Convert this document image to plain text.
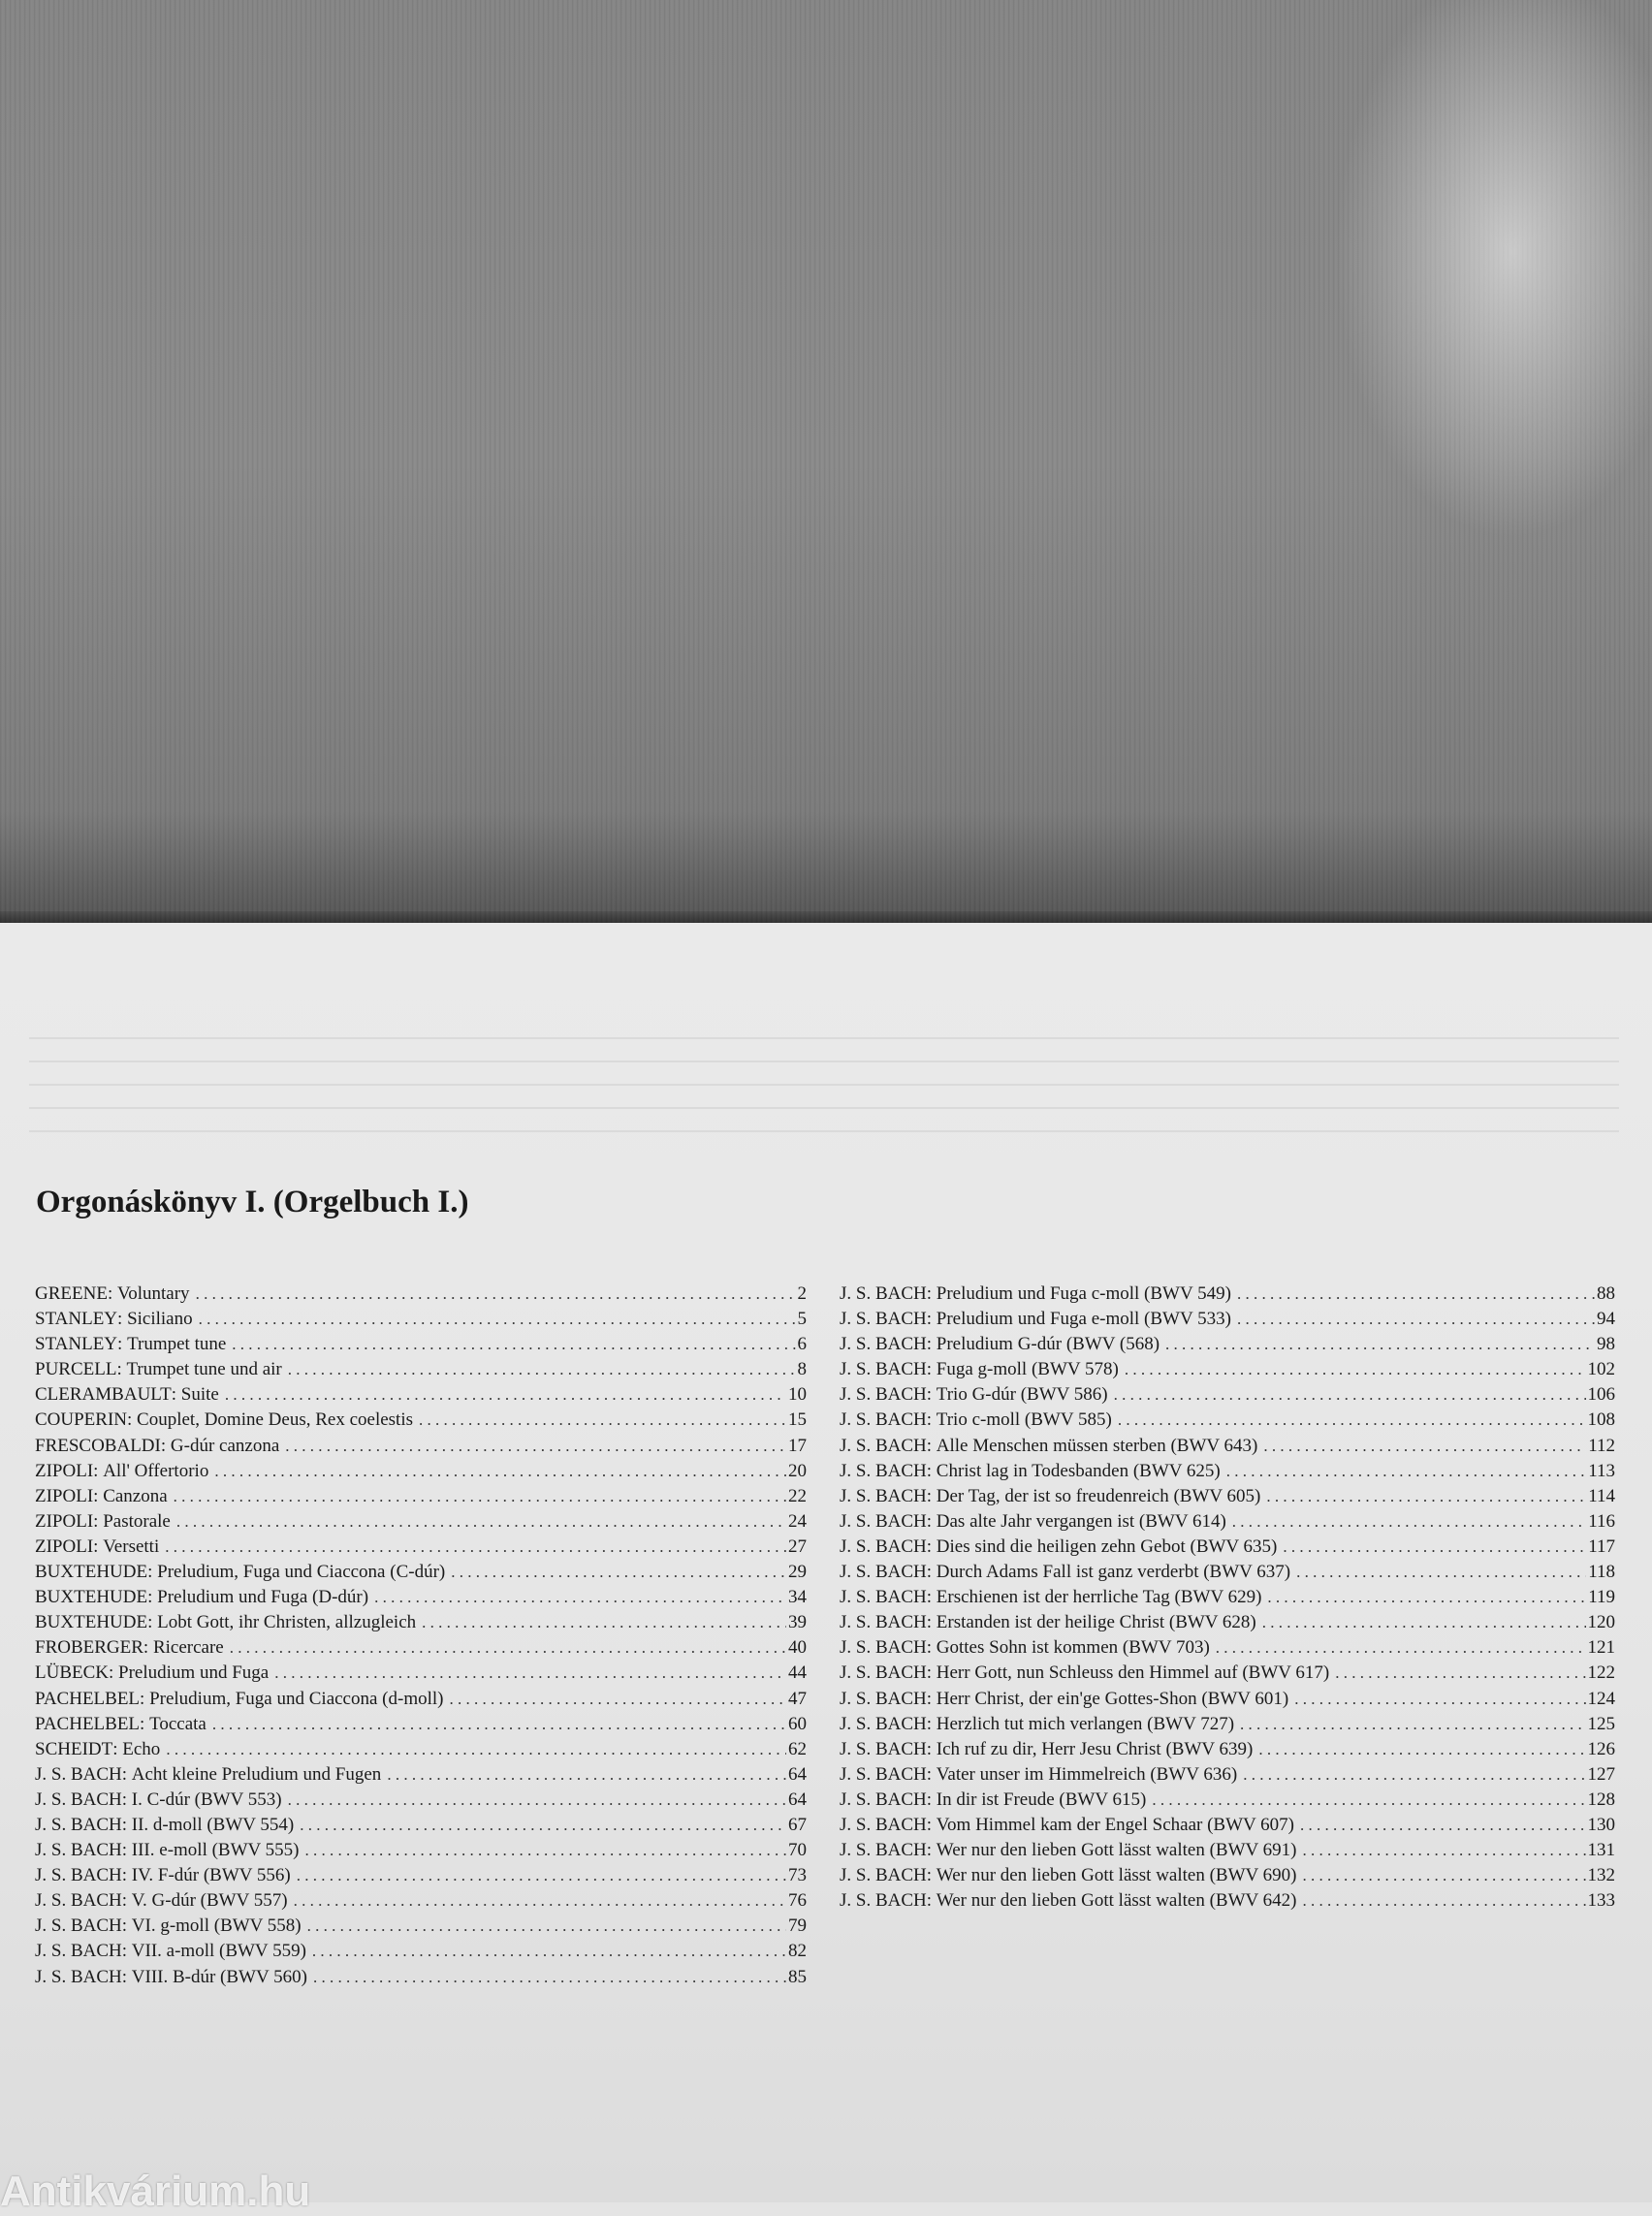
Orgonáskönyv I. (Orgelbuch I.)
GREENE : Voluntary . . .	2
STANLEY : Siciliano . . .	5
STANLEY : Trumpet tune . . .	6
PURCELL : Trumpet tune und air . . .	8
CLERAMBAULT : Suite . . .	10
COUPERIN : Couplet, Domine Deus, Rex coelestis . . .	15
FRESCOBALDI : G-dúr canzona . . .	17
ZIPOLI : All' Offertorio . . .	20
ZIPOLI : Canzona . . .	22
ZIPOLI : Pastorale . . .	24
ZIPOLI : Versetti . . .	27
BUXTEHUDE : Preludium, Fuga und Ciaccona (C-dúr) . . .	29
BUXTEHUDE : Preludium und Fuga (D-dúr) . . .	34
BUXTEHUDE : Lobt Gott, ihr Christen, allzugleich . . .	39
FROBERGER : Ricercare . . .	40
LÜBECK : Preludium und Fuga . . .	44
PACHELBEL : Preludium, Fuga und Ciaccona (d-moll) . . .	47
PACHELBEL : Toccata . . .	60
SCHEIDT : Echo . . .	62
J. S. BACH : Acht kleine Preludium und Fugen . . .	64
J. S. BACH : I. C-dúr (BWV 553) . . .	64
J. S. BACH : II. d-moll (BWV 554) . . .	67
J. S. BACH : III. e-moll (BWV 555) . . .	70
J. S. BACH : IV. F-dúr (BWV 556) . . .	73
J. S. BACH : V. G-dúr (BWV 557) . . .	76
J. S. BACH : VI. g-moll (BWV 558) . . .	79
J. S. BACH : VII. a-moll (BWV 559) . . .	82
J. S. BACH : VIII. B-dúr (BWV 560) . . .	85
J. S. BACH : Preludium und Fuga c-moll (BWV 549) . . .	88
J. S. BACH : Preludium und Fuga e-moll (BWV 533) . . .	94
J. S. BACH : Preludium G-dúr (BWV (568) . . .	98
J. S. BACH : Fuga g-moll (BWV 578) . . .	102
J. S. BACH : Trio G-dúr (BWV 586) . . .	106
J. S. BACH : Trio c-moll (BWV 585) . . .	108
J. S. BACH : Alle Menschen müssen sterben (BWV 643) . . .	112
J. S. BACH : Christ lag in Todesbanden (BWV 625) . . .	113
J. S. BACH : Der Tag, der ist so freudenreich (BWV 605) . . .	114
J. S. BACH : Das alte Jahr vergangen ist (BWV 614) . . .	116
J. S. BACH : Dies sind die heiligen zehn Gebot (BWV 635) . . .	117
J. S. BACH : Durch Adams Fall ist ganz verderbt (BWV 637) . . .	118
J. S. BACH : Erschienen ist der herrliche Tag (BWV 629) . . .	119
J. S. BACH : Erstanden ist der heilige Christ (BWV 628) . . .	120
J. S. BACH : Gottes Sohn ist kommen (BWV 703) . . .	121
J. S. BACH : Herr Gott, nun Schleuss den Himmel auf (BWV 617) . . .	122
J. S. BACH : Herr Christ, der ein'ge Gottes-Shon (BWV 601) . . .	124
J. S. BACH : Herzlich tut mich verlangen (BWV 727) . . .	125
J. S. BACH : Ich ruf zu dir, Herr Jesu Christ (BWV 639) . . .	126
J. S. BACH : Vater unser im Himmelreich (BWV 636) . . .	127
J. S. BACH : In dir ist Freude (BWV 615) . . .	128
J. S. BACH : Vom Himmel kam der Engel Schaar (BWV 607) . . .	130
J. S. BACH : Wer nur den lieben Gott lässt walten (BWV 691) . . .	131
J. S. BACH : Wer nur den lieben Gott lässt walten (BWV 690) . . .	132
J. S. BACH : Wer nur den lieben Gott lässt walten (BWV 642) . . .	133
Antikvárium.hu
